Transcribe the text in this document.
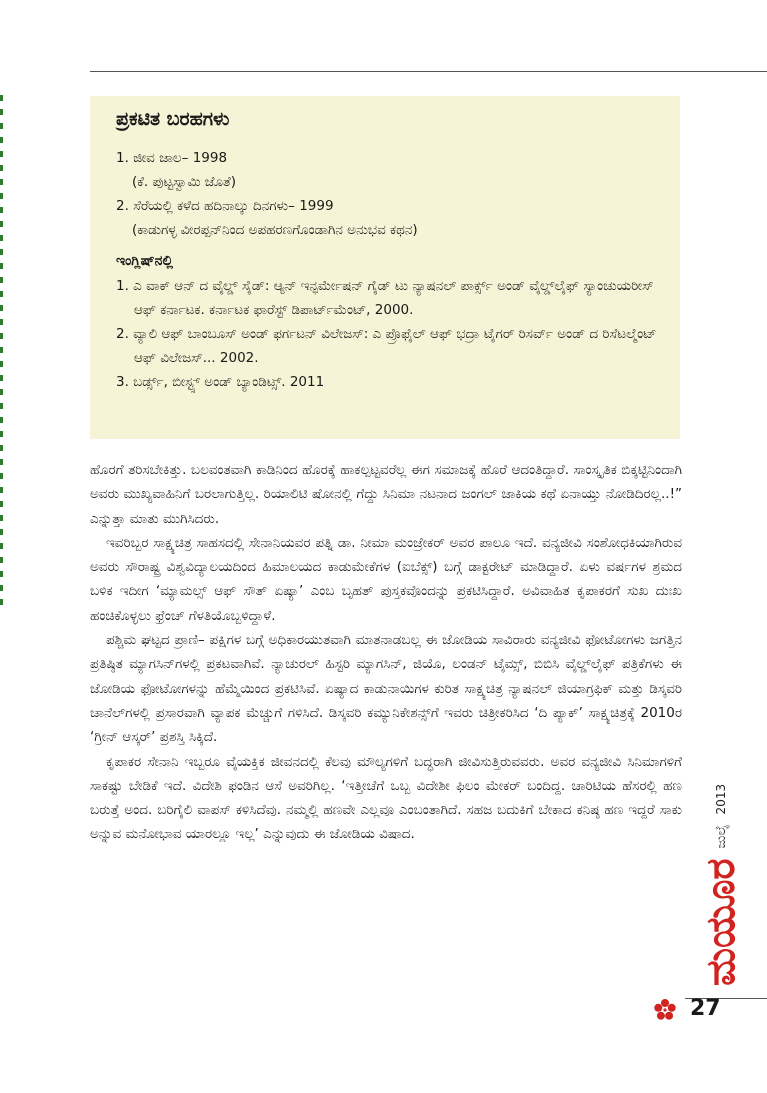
ಪ್ರಕಟಿತ ಬರಹಗಳು
1. ಜೀವ ಜಾಲ– 1998
(ಕೆ. ಪುಟ್ಟಸ್ವಾಮಿ ಜೊತೆ)
2. ಸೆರೆಯಲ್ಲಿ ಕಳೆದ ಹದಿನಾಲ್ಕು ದಿನಗಳು– 1999
(ಕಾಡುಗಳ್ಳ ವೀರಪ್ಪನ್‌ನಿಂದ ಅಪಹರಣಗೊಂಡಾಗಿನ ಅನುಭವ ಕಥನ)
ಇಂಗ್ಲಿಷ್‌ನಲ್ಲಿ
1. ಎ ವಾಕ್ ಆನ್ ದ ವೈಲ್ಡ್ ಸೈಡ್: ಆ್ಯನ್ ಇನ್ಫರ್ಮೇಷನ್ ಗೈಡ್ ಟು ನ್ಯಾಷನಲ್ ಪಾರ್ಕ್ಸ್ ಅಂಡ್ ವೈಲ್ಡ್‌ಲೈಫ್ ಸ್ಯಾಂಚುಯರೀಸ್ ಆಫ್ ಕರ್ನಾಟಕ. ಕರ್ನಾಟಕ ಫಾರೆಸ್ಟ್ ಡಿಪಾರ್ಟ್‌ಮೆಂಟ್, 2000.
2. ವ್ಯಾಲಿ ಆಫ್ ಬಾಂಬೂಸ್ ಅಂಡ್ ಫರ್ಗಟನ್ ವಿಲೇಜಸ್: ಎ ಪ್ರೊಫೈಲ್ ಆಫ್ ಭದ್ರಾ ಟೈಗರ್ ರಿಸರ್ವ್ ಅಂಡ್ ದ ರಿಸೆಟಲ್ಮೆಂಟ್ ಆಫ್ ವಿಲೇಜಸ್... 2002.
3. ಬರ್ಡ್ಸ್, ಬೀಸ್ಟ್ಸ್ ಅಂಡ್ ಬ್ಯಾಂಡಿಟ್ಸ್. 2011

ಹೊರಗೆ ತರಿಸಬೇಕಿತ್ತು. ಬಲವಂತವಾಗಿ ಕಾಡಿನಿಂದ ಹೊರಕ್ಕೆ ಹಾಕಲ್ಪಟ್ಟವರೆಲ್ಲ ಈಗ ಸಮಾಜಕ್ಕೆ ಹೊರೆ ಆದಂತಿದ್ದಾರೆ. ಸಾಂಸ್ಕೃತಿಕ ಬಿಕ್ಕಟ್ಟಿನಿಂದಾಗಿ ಅವರು ಮುಖ್ಯವಾಹಿನಿಗೆ ಬರಲಾಗುತ್ತಿಲ್ಲ. ರಿಯಾಲಿಟಿ ಷೋನಲ್ಲಿ ಗೆದ್ದು ಸಿನಿಮಾ ನಟನಾದ ಜಂಗಲ್ ಜಾಕಿಯ ಕಥೆ ಏನಾಯ್ತು ನೋಡಿದಿರಲ್ಲ..!” ಎನ್ನುತ್ತಾ ಮಾತು ಮುಗಿಸಿದರು.

ಇವರಿಬ್ಬರ ಸಾಕ್ಷ್ಯಚಿತ್ರ ಸಾಹಸದಲ್ಲಿ ಸೇನಾನಿಯವರ ಪತ್ನಿ ಡಾ. ನೀಮಾ ಮಂಜ್ರೇಕರ್ ಅವರ ಪಾಲೂ ಇದೆ. ವನ್ಯಜೀವಿ ಸಂಶೋಧಕಿಯಾಗಿರುವ ಅವರು ಸೌರಾಷ್ಟ್ರ ವಿಶ್ವವಿದ್ಯಾಲಯದಿಂದ ಹಿಮಾಲಯದ ಕಾಡುಮೇಕೆಗಳ (ಐಬೆಕ್ಸ್) ಬಗ್ಗೆ ಡಾಕ್ಟರೇಟ್ ಮಾಡಿದ್ದಾರೆ. ಏಳು ವರ್ಷಗಳ ಶ್ರಮದ ಬಳಿಕ ಇದೀಗ ‘ಮ್ಯಾಮಲ್ಸ್ ಆಫ್ ಸೌತ್ ಏಷ್ಯಾ’ ಎಂಬ ಬೃಹತ್ ಪುಸ್ತಕವೊಂದನ್ನು ಪ್ರಕಟಿಸಿದ್ದಾರೆ. ಅವಿವಾಹಿತ ಕೃಪಾಕರಗೆ ಸುಖ ದುಃಖ ಹಂಚಿಕೊಳ್ಳಲು ಫ್ರೆಂಚ್ ಗೆಳತಿಯೊಬ್ಬಳಿದ್ದಾಳೆ.

ಪಶ್ಚಿಮ ಘಟ್ಟದ ಪ್ರಾಣಿ– ಪಕ್ಷಿಗಳ ಬಗ್ಗೆ ಅಧಿಕಾರಯುತವಾಗಿ ಮಾತನಾಡಬಲ್ಲ ಈ ಜೋಡಿಯ ಸಾವಿರಾರು ವನ್ಯಜೀವಿ ಫೋಟೋಗಳು ಜಗತ್ತಿನ ಪ್ರತಿಷ್ಠಿತ ಮ್ಯಾಗಸಿನ್‌ಗಳಲ್ಲಿ ಪ್ರಕಟವಾಗಿವೆ. ನ್ಯಾಚುರಲ್ ಹಿಸ್ಟರಿ ಮ್ಯಾಗಸಿನ್, ಜಿಯೊ, ಲಂಡನ್ ಟೈಮ್ಸ್, ಬಿಬಿಸಿ ವೈಲ್ಡ್‌ಲೈಫ್ ಪತ್ರಿಕೆಗಳು ಈ ಜೋಡಿಯ ಫೋಟೋಗಳನ್ನು ಹೆಮ್ಮೆಯಿಂದ ಪ್ರಕಟಿಸಿವೆ. ಏಷ್ಯಾದ ಕಾಡುನಾಯಿಗಳ ಕುರಿತ ಸಾಕ್ಷ್ಯಚಿತ್ರ ನ್ಯಾಷನಲ್ ಜಿಯಾಗ್ರಫಿಕ್ ಮತ್ತು ಡಿಸ್ಕವರಿ ಚಾನೆಲ್‌ಗಳಲ್ಲಿ ಪ್ರಸಾರವಾಗಿ ವ್ಯಾಪಕ ಮೆಚ್ಚುಗೆ ಗಳಿಸಿದೆ. ಡಿಸ್ಕವರಿ ಕಮ್ಯುನಿಕೇಶನ್ಸ್‌ಗೆ ಇವರು ಚಿತ್ರೀಕರಿಸಿದ ‘ದಿ ಪ್ಯಾಕ್’ ಸಾಕ್ಷ್ಯಚಿತ್ರಕ್ಕೆ 2010ರ ‘ಗ್ರೀನ್ ಆಸ್ಕರ್’ ಪ್ರಶಸ್ತಿ ಸಿಕ್ಕಿದೆ.

ಕೃಪಾಕರ ಸೇನಾನಿ ಇಬ್ಬರೂ ವೈಯಕ್ತಿಕ ಜೀವನದಲ್ಲಿ ಕೆಲವು ಮೌಲ್ಯಗಳಿಗೆ ಬದ್ಧರಾಗಿ ಜೀವಿಸುತ್ತಿರುವವರು. ಅವರ ವನ್ಯಜೀವಿ ಸಿನಿಮಾಗಳಿಗೆ ಸಾಕಷ್ಟು ಬೇಡಿಕೆ ಇದೆ. ವಿದೇಶಿ ಫಂಡಿನ ಆಸೆ ಅವರಿಗಿಲ್ಲ. ‘ಇತ್ತೀಚೆಗೆ ಒಬ್ಬ ವಿದೇಶೀ ಫಿಲಂ ಮೇಕರ್ ಬಂದಿದ್ದ. ಚಾರಿಟಿಯ ಹೆಸರಲ್ಲಿ ಹಣ ಬರುತ್ತೆ ಅಂದ. ಬರಿಗೈಲಿ ವಾಪಸ್ ಕಳಿಸಿದೆವು. ನಮ್ಮಲ್ಲಿ ಹಣವೇ ಎಲ್ಲವೂ ಎಂಬಂತಾಗಿದೆ. ಸಹಜ ಬದುಕಿಗೆ ಬೇಕಾದ ಕನಿಷ್ಠ ಹಣ ಇದ್ದರೆ ಸಾಕು ಅನ್ನುವ ಮನೋಭಾವ ಯಾರಲ್ಲೂ ಇಲ್ಲ’ ಎನ್ನುವುದು ಈ ಜೋಡಿಯ ವಿಷಾದ.

ಮಯೂರ
ಜುಲೈ
2013
27
